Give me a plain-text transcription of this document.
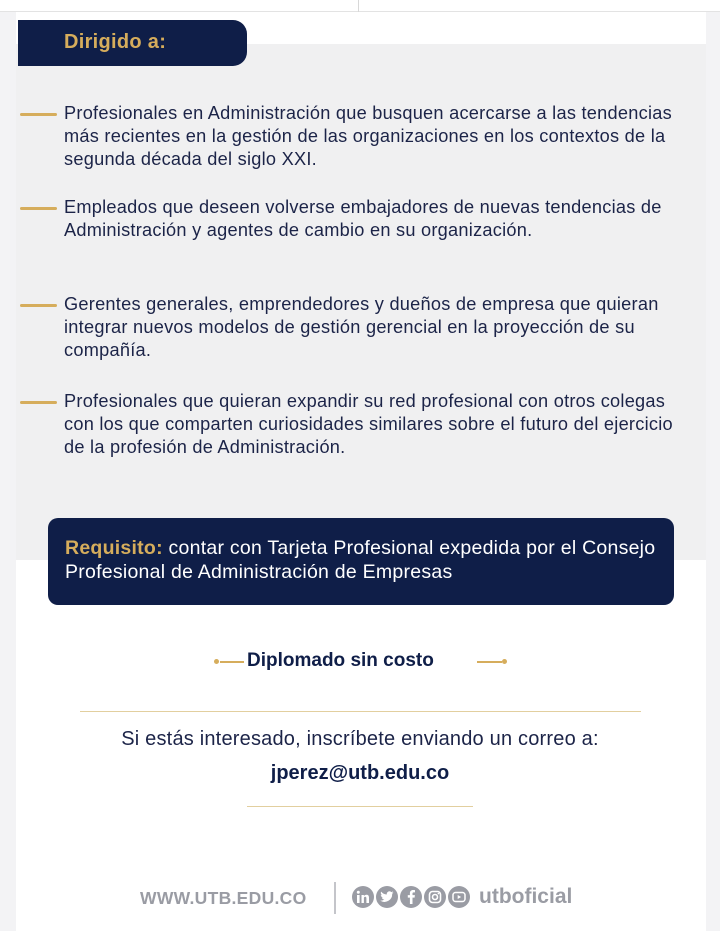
Dirigido a:
Profesionales en Administración que busquen acercarse a las tendencias más recientes en la gestión de las organizaciones en los contextos de la segunda década del siglo XXI.
Empleados que deseen volverse embajadores de nuevas tendencias de Administración y agentes de cambio en su organización.
Gerentes generales, emprendedores y dueños de empresa que quieran integrar nuevos modelos de gestión gerencial en la proyección de su compañía.
Profesionales que quieran expandir su red profesional con otros colegas con los que comparten curiosidades similares sobre el futuro del ejercicio de la profesión de Administración.
Requisito: contar con Tarjeta Profesional expedida por el Consejo Profesional de Administración de Empresas
Diplomado sin costo
Si estás interesado, inscríbete enviando un correo a:
jperez@utb.edu.co
WWW.UTB.EDU.CO	utboficial
